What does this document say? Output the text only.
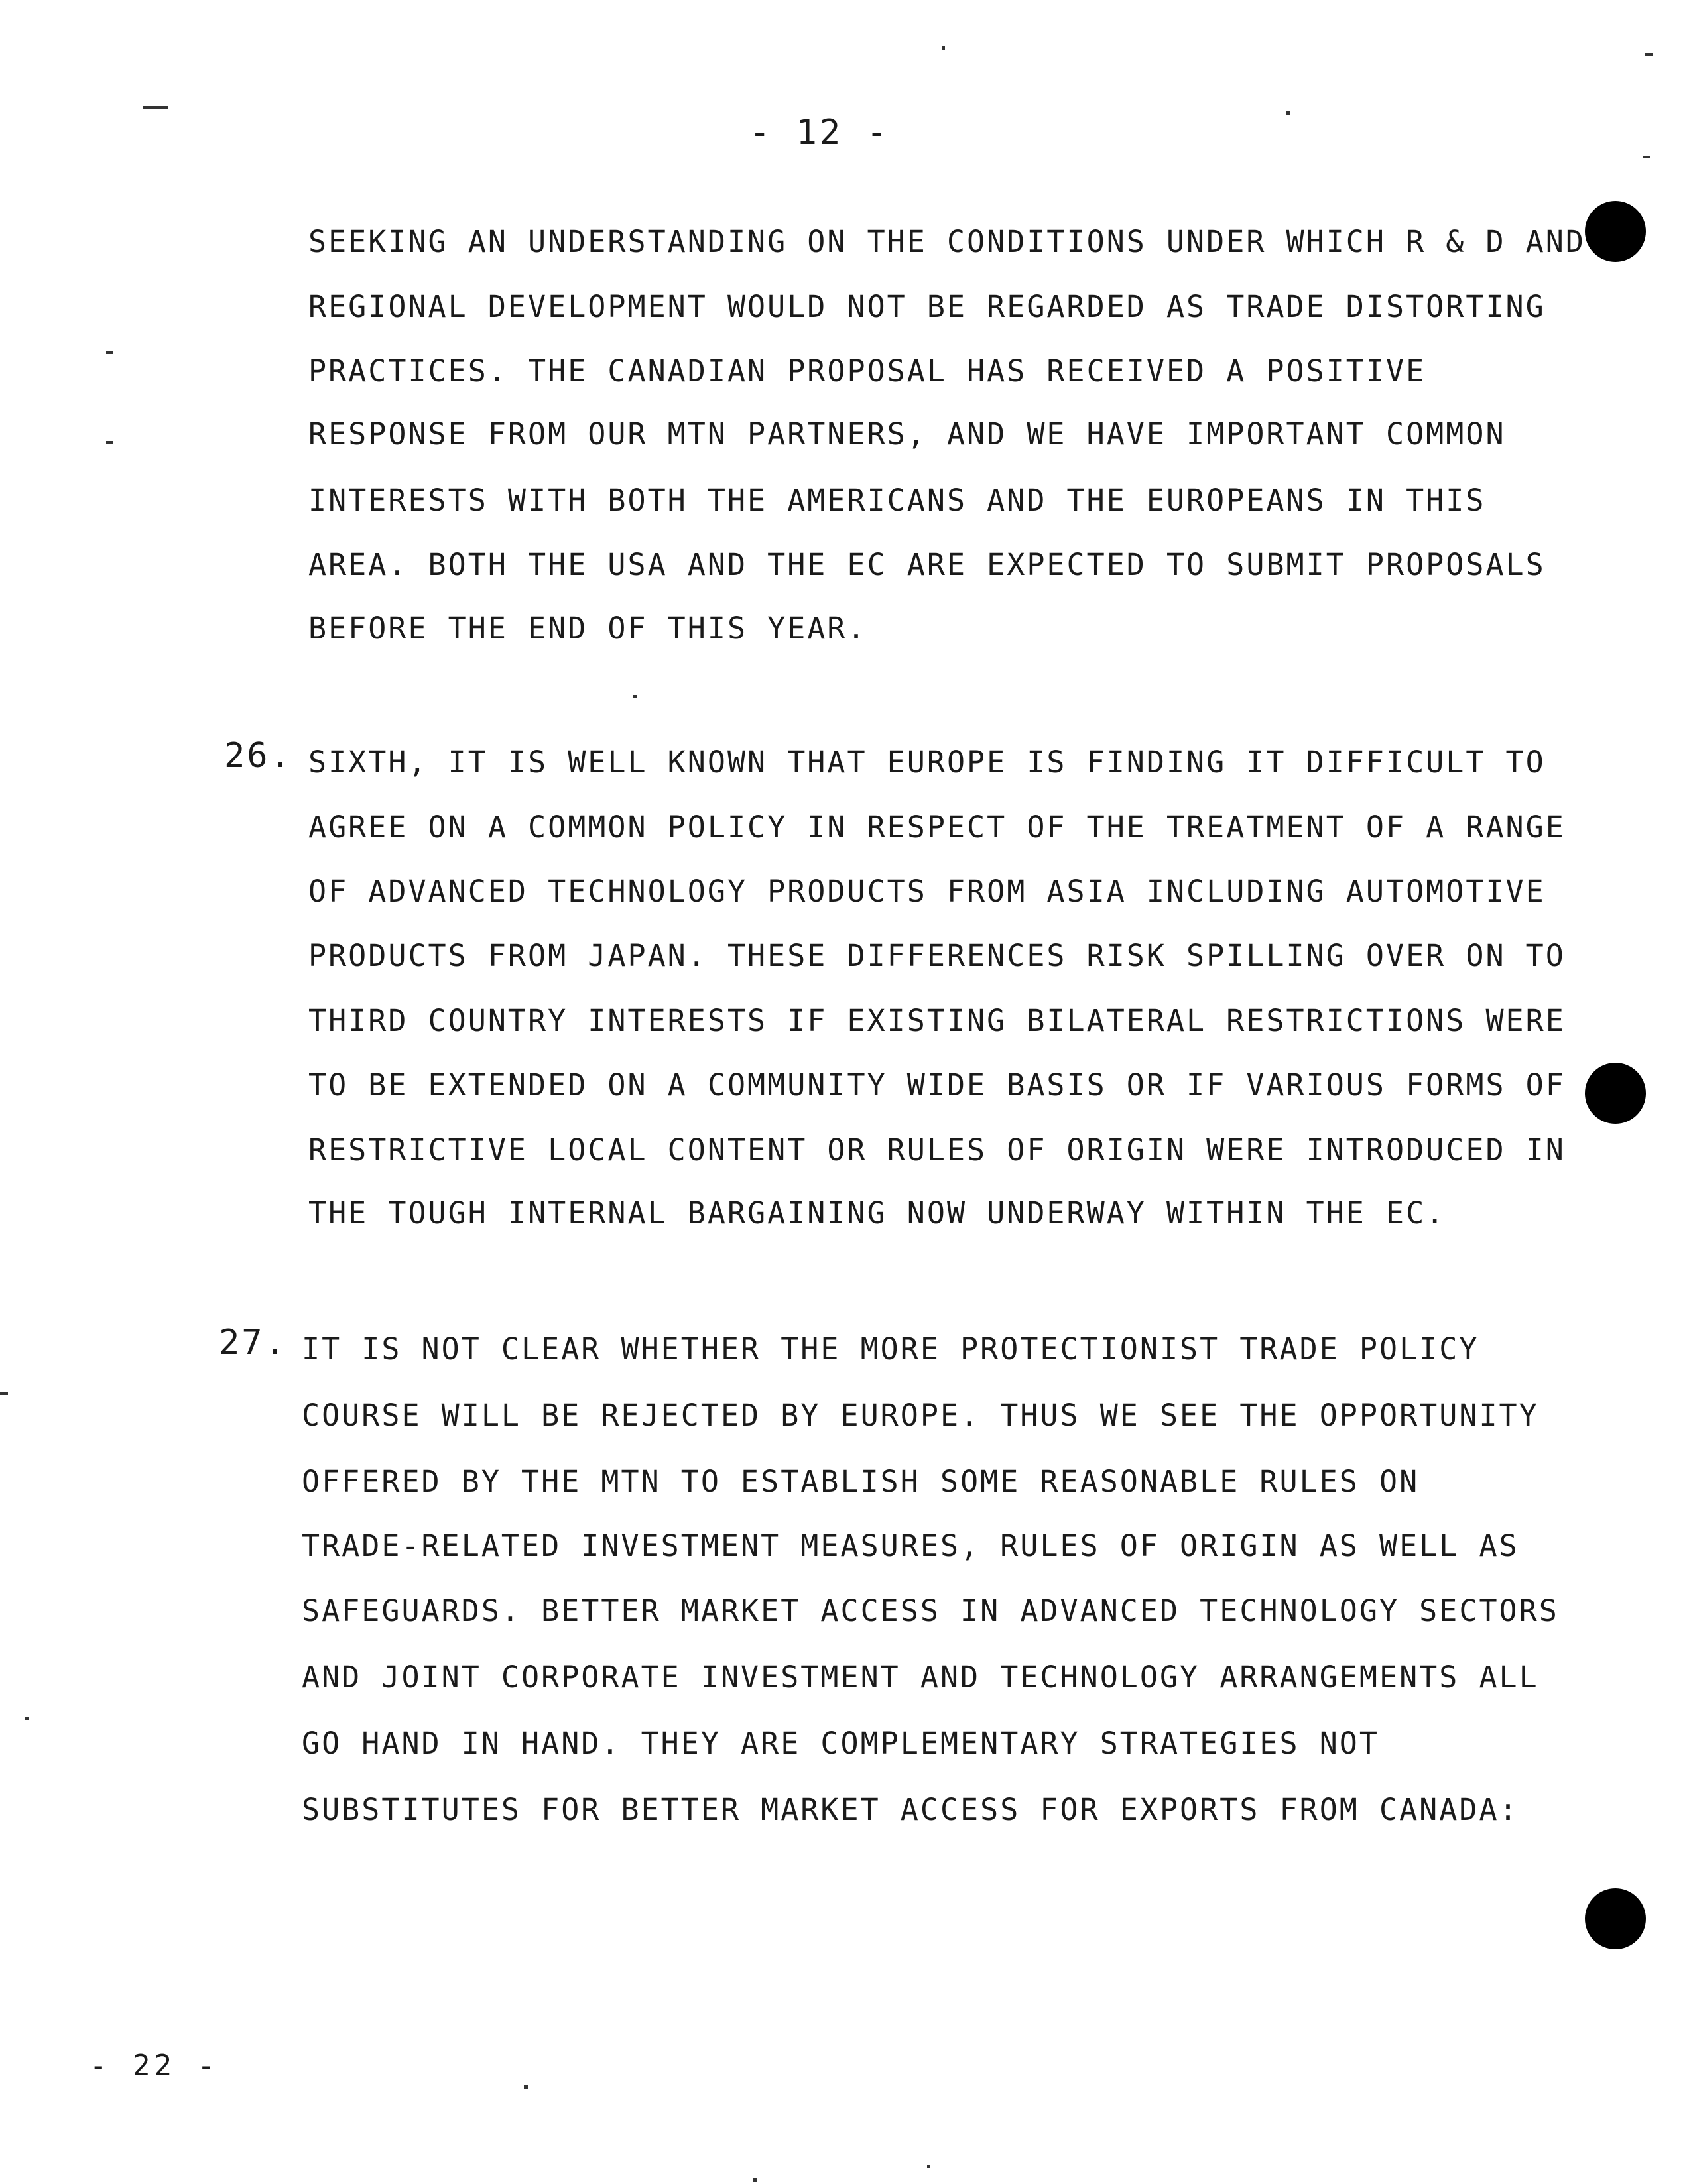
- 12 -
SEEKING AN UNDERSTANDING ON THE CONDITIONS UNDER WHICH R & D AND
REGIONAL DEVELOPMENT WOULD NOT BE REGARDED AS TRADE DISTORTING
PRACTICES. THE CANADIAN PROPOSAL HAS RECEIVED A POSITIVE
RESPONSE FROM OUR MTN PARTNERS, AND WE HAVE IMPORTANT COMMON
INTERESTS WITH BOTH THE AMERICANS AND THE EUROPEANS IN THIS
AREA. BOTH THE USA AND THE EC ARE EXPECTED TO SUBMIT PROPOSALS
BEFORE THE END OF THIS YEAR.
26. SIXTH, IT IS WELL KNOWN THAT EUROPE IS FINDING IT DIFFICULT TO
AGREE ON A COMMON POLICY IN RESPECT OF THE TREATMENT OF A RANGE
OF ADVANCED TECHNOLOGY PRODUCTS FROM ASIA INCLUDING AUTOMOTIVE
PRODUCTS FROM JAPAN. THESE DIFFERENCES RISK SPILLING OVER ON TO
THIRD COUNTRY INTERESTS IF EXISTING BILATERAL RESTRICTIONS WERE
TO BE EXTENDED ON A COMMUNITY WIDE BASIS OR IF VARIOUS FORMS OF
RESTRICTIVE LOCAL CONTENT OR RULES OF ORIGIN WERE INTRODUCED IN
THE TOUGH INTERNAL BARGAINING NOW UNDERWAY WITHIN THE EC.
27. IT IS NOT CLEAR WHETHER THE MORE PROTECTIONIST TRADE POLICY
COURSE WILL BE REJECTED BY EUROPE. THUS WE SEE THE OPPORTUNITY
OFFERED BY THE MTN TO ESTABLISH SOME REASONABLE RULES ON
TRADE-RELATED INVESTMENT MEASURES, RULES OF ORIGIN AS WELL AS
SAFEGUARDS. BETTER MARKET ACCESS IN ADVANCED TECHNOLOGY SECTORS
AND JOINT CORPORATE INVESTMENT AND TECHNOLOGY ARRANGEMENTS ALL
GO HAND IN HAND. THEY ARE COMPLEMENTARY STRATEGIES NOT
SUBSTITUTES FOR BETTER MARKET ACCESS FOR EXPORTS FROM CANADA:
- 22 -
